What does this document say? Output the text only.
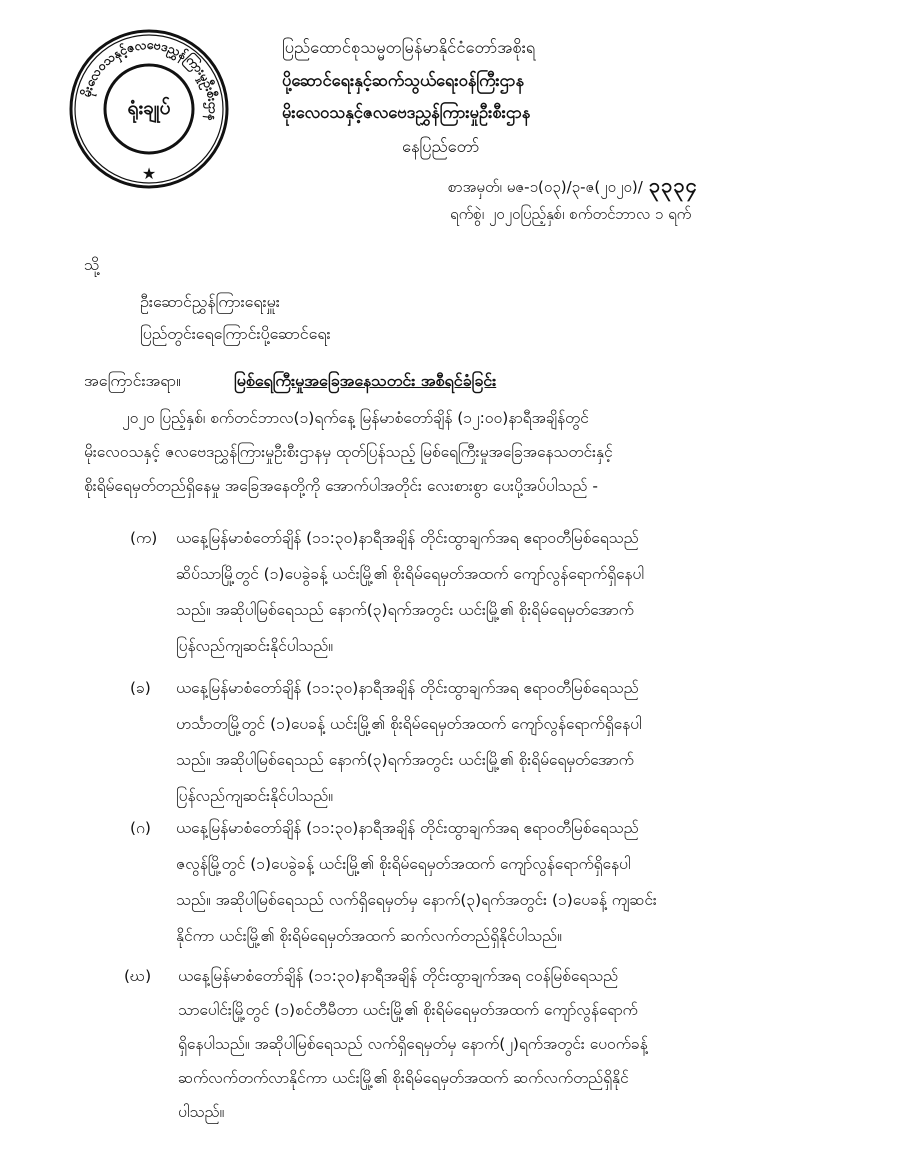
မိုးလေဝသနှင့်ဇလဗေဒညွှန်ကြားမှုဦးစီးဌာန
★
ရုံးချုပ်
ပြည်ထောင်စုသမ္မတမြန်မာနိုင်ငံတော်အစိုးရ
ပို့ဆောင်ရေးနှင့်ဆက်သွယ်ရေးဝန်ကြီးဌာန
မိုးလေဝသနှင့်ဇလဗေဒညွှန်ကြားမှုဦးစီးဌာန
နေပြည်တော်
စာအမှတ်၊ မဇ-၁(၀၃)/၃-ဇ(၂၀၂၀)/ ၃၃၃၄
ရက်စွဲ၊ ၂၀၂၀ပြည့်နှစ်၊ စက်တင်ဘာလ ၁ ရက်
သို့
ဦးဆောင်ညွှန်ကြားရေးမှူး
ပြည်တွင်းရေကြောင်းပို့ဆောင်ရေး
အကြောင်းအရာ။	မြစ်ရေကြီးမှုအခြေအနေသတင်း အစီရင်ခံခြင်း
၂၀၂၀ ပြည့်နှစ်၊ စက်တင်ဘာလ(၁)ရက်နေ့ မြန်မာစံတော်ချိန် (၁၂:၀၀)နာရီအချိန်တွင်
မိုးလေဝသနှင့် ဇလဗေဒညွှန်ကြားမှုဦးစီးဌာနမှ ထုတ်ပြန်သည့် မြစ်ရေကြီးမှုအခြေအနေသတင်းနှင့်
စိုးရိမ်ရေမှတ်တည်ရှိနေမှု အခြေအနေတို့ကို အောက်ပါအတိုင်း လေးစားစွာ ပေးပို့အပ်ပါသည် -
(က) ယနေ့မြန်မာစံတော်ချိန် (၁၁:၃၀)နာရီအချိန် တိုင်းထွာချက်အရ ဧရာဝတီမြစ်ရေသည်
ဆိပ်သာမြို့တွင် (၁)ပေခွဲခန့် ယင်းမြို့၏ စိုးရိမ်ရေမှတ်အထက် ကျော်လွန်ရောက်ရှိနေပါ
သည်။ အဆိုပါမြစ်ရေသည် နောက်(၃)ရက်အတွင်း ယင်းမြို့၏ စိုးရိမ်ရေမှတ်အောက်
ပြန်လည်ကျဆင်းနိုင်ပါသည်။
(ခ) ယနေ့မြန်မာစံတော်ချိန် (၁၁:၃၀)နာရီအချိန် တိုင်းထွာချက်အရ ဧရာဝတီမြစ်ရေသည်
ဟင်္သာတမြို့တွင် (၁)ပေခန့် ယင်းမြို့၏ စိုးရိမ်ရေမှတ်အထက် ကျော်လွန်ရောက်ရှိနေပါ
သည်။ အဆိုပါမြစ်ရေသည် နောက်(၃)ရက်အတွင်း ယင်းမြို့၏ စိုးရိမ်ရေမှတ်အောက်
ပြန်လည်ကျဆင်းနိုင်ပါသည်။
(ဂ) ယနေ့မြန်မာစံတော်ချိန် (၁၁:၃၀)နာရီအချိန် တိုင်းထွာချက်အရ ဧရာဝတီမြစ်ရေသည်
ဇလွန်မြို့တွင် (၁)ပေခွဲခန့် ယင်းမြို့၏ စိုးရိမ်ရေမှတ်အထက် ကျော်လွန်ရောက်ရှိနေပါ
သည်။ အဆိုပါမြစ်ရေသည် လက်ရှိရေမှတ်မှ နောက်(၃)ရက်အတွင်း (၁)ပေခန့် ကျဆင်း
နိုင်ကာ ယင်းမြို့၏ စိုးရိမ်ရေမှတ်အထက် ဆက်လက်တည်ရှိနိုင်ပါသည်။
(ဃ) ယနေ့မြန်မာစံတော်ချိန် (၁၁:၃၀)နာရီအချိန် တိုင်းထွာချက်အရ ငဝန်မြစ်ရေသည်
သာပေါင်းမြို့တွင် (၁)စင်တီမီတာ ယင်းမြို့၏ စိုးရိမ်ရေမှတ်အထက် ကျော်လွန်ရောက်
ရှိနေပါသည်။ အဆိုပါမြစ်ရေသည် လက်ရှိရေမှတ်မှ နောက်(၂)ရက်အတွင်း ပေဝက်ခန့်
ဆက်လက်တက်လာနိုင်ကာ ယင်းမြို့၏ စိုးရိမ်ရေမှတ်အထက် ဆက်လက်တည်ရှိနိုင်
ပါသည်။
